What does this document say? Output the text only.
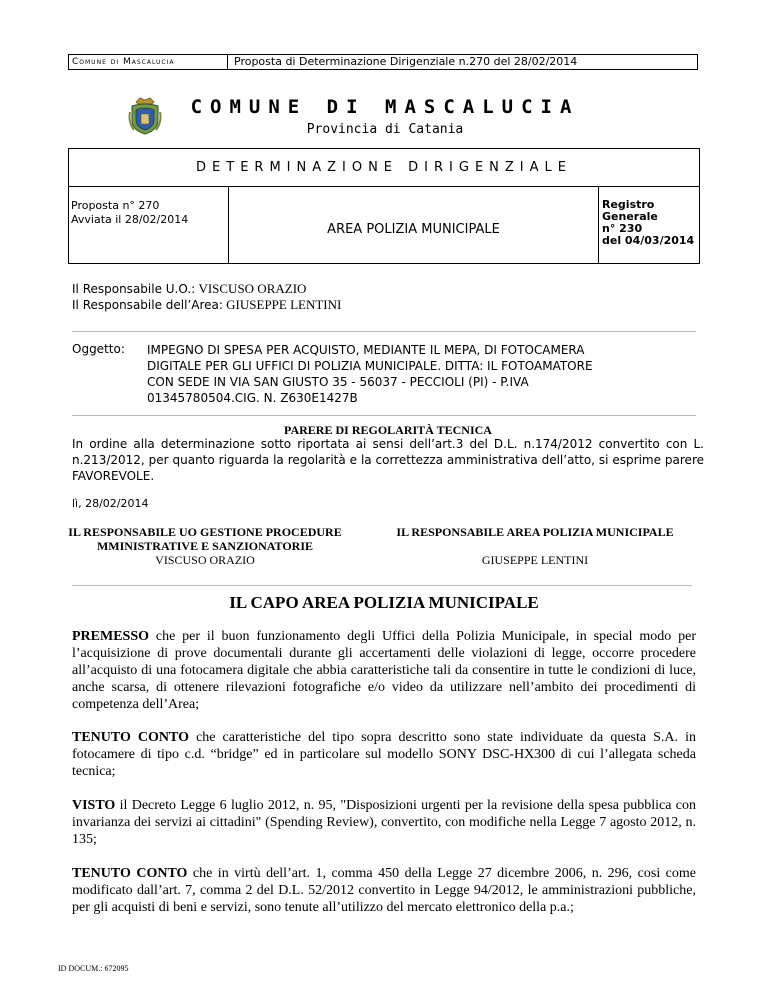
Comune di Mascalucia	Proposta di Determinazione Dirigenziale n.270 del 28/02/2014
COMUNE DI MASCALUCIA
Provincia di Catania
DETERMINAZIONE DIRIGENZIALE
Proposta n° 270
Avviata il 28/02/2014
AREA POLIZIA MUNICIPALE
Registro Generale
n° 230
del 04/03/2014
Il Responsabile U.O.: VISCUSO ORAZIO
Il Responsabile dell’Area: GIUSEPPE LENTINI
Oggetto: IMPEGNO DI SPESA PER ACQUISTO, MEDIANTE IL MEPA, DI FOTOCAMERA
DIGITALE PER GLI UFFICI DI POLIZIA MUNICIPALE. DITTA: IL FOTOAMATORE
CON SEDE IN VIA SAN GIUSTO 35 - 56037 - PECCIOLI (PI) - P.IVA
01345780504.CIG. N. Z630E1427B
PARERE DI REGOLARITÀ TECNICA
In ordine alla determinazione sotto riportata ai sensi dell’art.3 del D.L. n.174/2012 convertito con L. n.213/2012, per quanto riguarda la regolarità e la correttezza amministrativa dell’atto, si esprime parere FAVOREVOLE.
lì, 28/02/2014
IL RESPONSABILE UO GESTIONE PROCEDURE
MMINISTRATIVE E SANZIONATORIE
VISCUSO ORAZIO
IL RESPONSABILE AREA POLIZIA MUNICIPALE
GIUSEPPE LENTINI
IL CAPO AREA POLIZIA MUNICIPALE
PREMESSO che per il buon funzionamento degli Uffici della Polizia Municipale, in special modo per l’acquisizione di prove documentali durante gli accertamenti delle violazioni di legge, occorre procedere all’acquisto di una fotocamera digitale che abbia caratteristiche tali da consentire in tutte le condizioni di luce, anche scarsa, di ottenere rilevazioni fotografiche e/o video da utilizzare nell’ambito dei procedimenti di competenza dell’Area;
TENUTO CONTO che caratteristiche del tipo sopra descritto sono state individuate da questa S.A. in fotocamere di tipo c.d. “bridge” ed in particolare sul modello SONY DSC-HX300 di cui l’allegata scheda tecnica;
VISTO il Decreto Legge 6 luglio 2012, n. 95, "Disposizioni urgenti per la revisione della spesa pubblica con invarianza dei servizi ai cittadini" (Spending Review), convertito, con modifiche nella Legge 7 agosto 2012, n. 135;
TENUTO CONTO che in virtù dell’art. 1, comma 450 della Legge 27 dicembre 2006, n. 296, cosi come modificato dall’art. 7, comma 2 del D.L. 52/2012 convertito in Legge 94/2012, le amministrazioni pubbliche, per gli acquisti di beni e servizi, sono tenute all’utilizzo del mercato elettronico della p.a.;
ID DOCUM.: 672095
